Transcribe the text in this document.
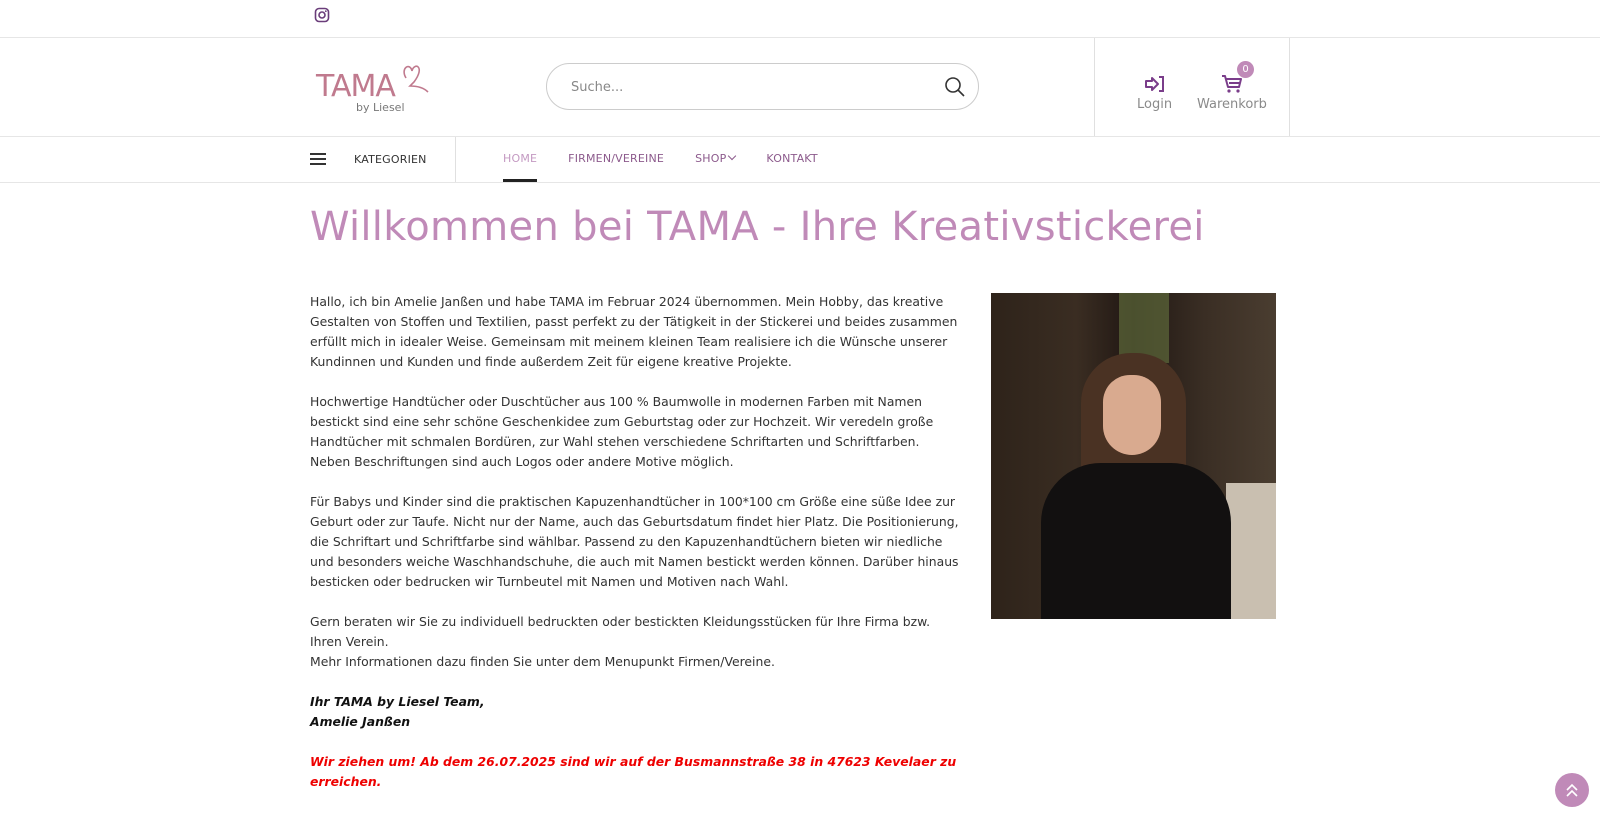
TAMA
by Liesel
Suche...	Login
0
Warenkorb
KATEGORIEN	HOME	FIRMEN/VEREINE	SHOP	KONTAKT
Willkommen bei TAMA - Ihre Kreativstickerei

Hallo, ich bin Amelie Janßen und habe TAMA im Februar 2024 übernommen. Mein Hobby, das kreative Gestalten von Stoffen und Textilien, passt perfekt zu der Tätigkeit in der Stickerei und beides zusammen erfüllt mich in idealer Weise. Gemeinsam mit meinem kleinen Team realisiere ich die Wünsche unserer Kundinnen und Kunden und finde außerdem Zeit für eigene kreative Projekte.

Hochwertige Handtücher oder Duschtücher aus 100 % Baumwolle in modernen Farben mit Namen bestickt sind eine sehr schöne Geschenkidee zum Geburtstag oder zur Hochzeit. Wir veredeln große Handtücher mit schmalen Bordüren, zur Wahl stehen verschiedene Schriftarten und Schriftfarben. Neben Beschriftungen sind auch Logos oder andere Motive möglich.

Für Babys und Kinder sind die praktischen Kapuzenhandtücher in 100*100 cm Größe eine süße Idee zur Geburt oder zur Taufe. Nicht nur der Name, auch das Geburtsdatum findet hier Platz. Die Positionierung, die Schriftart und Schriftfarbe sind wählbar. Passend zu den Kapuzenhandtüchern bieten wir niedliche und besonders weiche Waschhandschuhe, die auch mit Namen bestickt werden können. Darüber hinaus besticken oder bedrucken wir Turnbeutel mit Namen und Motiven nach Wahl.

Gern beraten wir Sie zu individuell bedruckten oder bestickten Kleidungsstücken für Ihre Firma bzw. Ihren Verein.

Mehr Informationen dazu finden Sie unter dem Menupunkt Firmen/Vereine.

Ihr TAMA by Liesel Team,
Amelie Janßen

Wir ziehen um! Ab dem 26.07.2025 sind wir auf der Busmannstraße 38 in 47623 Kevelaer zu erreichen.
